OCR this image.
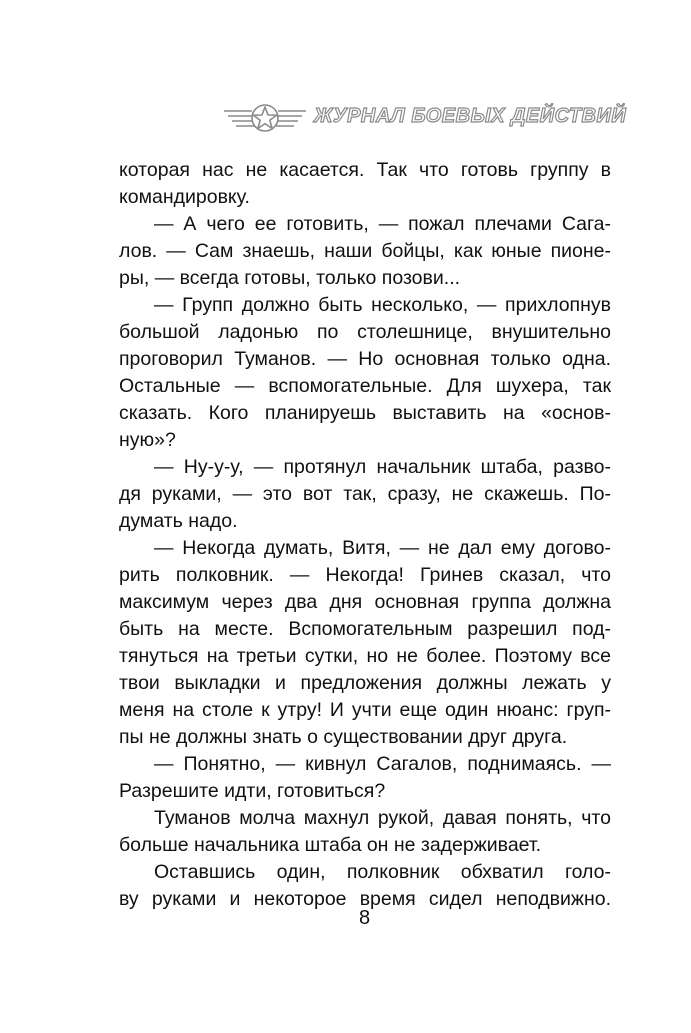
ЖУРНАЛ БОЕВЫХ ДЕЙСТВИЙ
которая нас не касается. Так что готовь группу в
командировку.
— А чего ее готовить, — пожал плечами Сага-
лов. — Сам знаешь, наши бойцы, как юные пионе-
ры, — всегда готовы, только позови...
— Групп должно быть несколько, — прихлопнув
большой ладонью по столешнице, внушительно
проговорил Туманов. — Но основная только одна.
Остальные — вспомогательные. Для шухера, так
сказать. Кого планируешь выставить на «основ-
ную»?
— Ну-у-у, — протянул начальник штаба, разво-
дя руками, — это вот так, сразу, не скажешь. По-
думать надо.
— Некогда думать, Витя, — не дал ему догово-
рить полковник. — Некогда! Гринев сказал, что
максимум через два дня основная группа должна
быть на месте. Вспомогательным разрешил под-
тянуться на третьи сутки, но не более. Поэтому все
твои выкладки и предложения должны лежать у
меня на столе к утру! И учти еще один нюанс: груп-
пы не должны знать о существовании друг друга.
— Понятно, — кивнул Сагалов, поднимаясь. —
Разрешите идти, готовиться?
Туманов молча махнул рукой, давая понять, что
больше начальника штаба он не задерживает.
Оставшись один, полковник обхватил голо-
ву руками и некоторое время сидел неподвижно.
8
